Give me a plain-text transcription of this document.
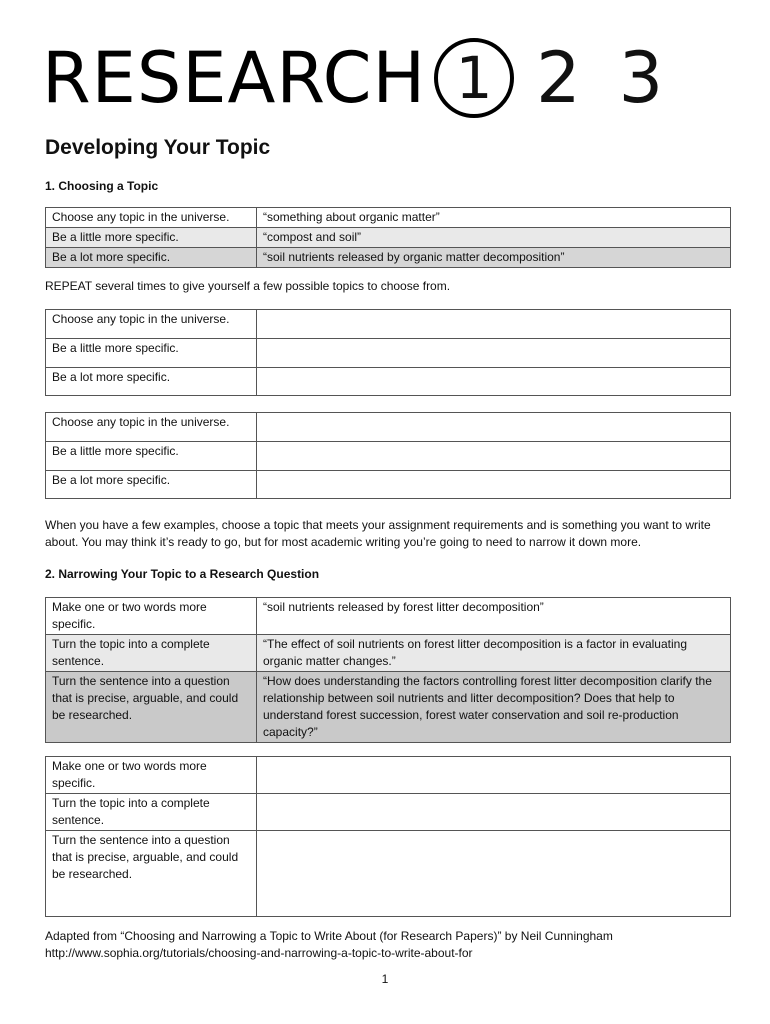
RESEARCH 1 2 3
Developing Your Topic
1. Choosing a Topic
Choose any topic in the universe.	“something about organic matter”
Be a little more specific.	“compost and soil”
Be a lot more specific.	“soil nutrients released by organic matter decomposition”

REPEAT several times to give yourself a few possible topics to choose from.

Choose any topic in the universe.	
Be a little more specific.	
Be a lot more specific.	
Choose any topic in the universe.	
Be a little more specific.	
Be a lot more specific.	

When you have a few examples, choose a topic that meets your assignment requirements and is something you want to write about. You may think it’s ready to go, but for most academic writing you’re going to need to narrow it down more.

2. Narrowing Your Topic to a Research Question
Make one or two words more specific.	“soil nutrients released by forest litter decomposition”
Turn the topic into a complete sentence.	“The effect of soil nutrients on forest litter decomposition is a factor in evaluating organic matter changes.”
Turn the sentence into a question that is precise, arguable, and could be researched.	“How does understanding the factors controlling forest litter decomposition clarify the relationship between soil nutrients and litter decomposition? Does that help to understand forest succession, forest water conservation and soil re-production capacity?”
Make one or two words more specific.	
Turn the topic into a complete sentence.	
Turn the sentence into a question that is precise, arguable, and could be researched.	
Adapted from “Choosing and Narrowing a Topic to Write About (for Research Papers)” by Neil Cunningham
http://www.sophia.org/tutorials/choosing-and-narrowing-a-topic-to-write-about-for
1
